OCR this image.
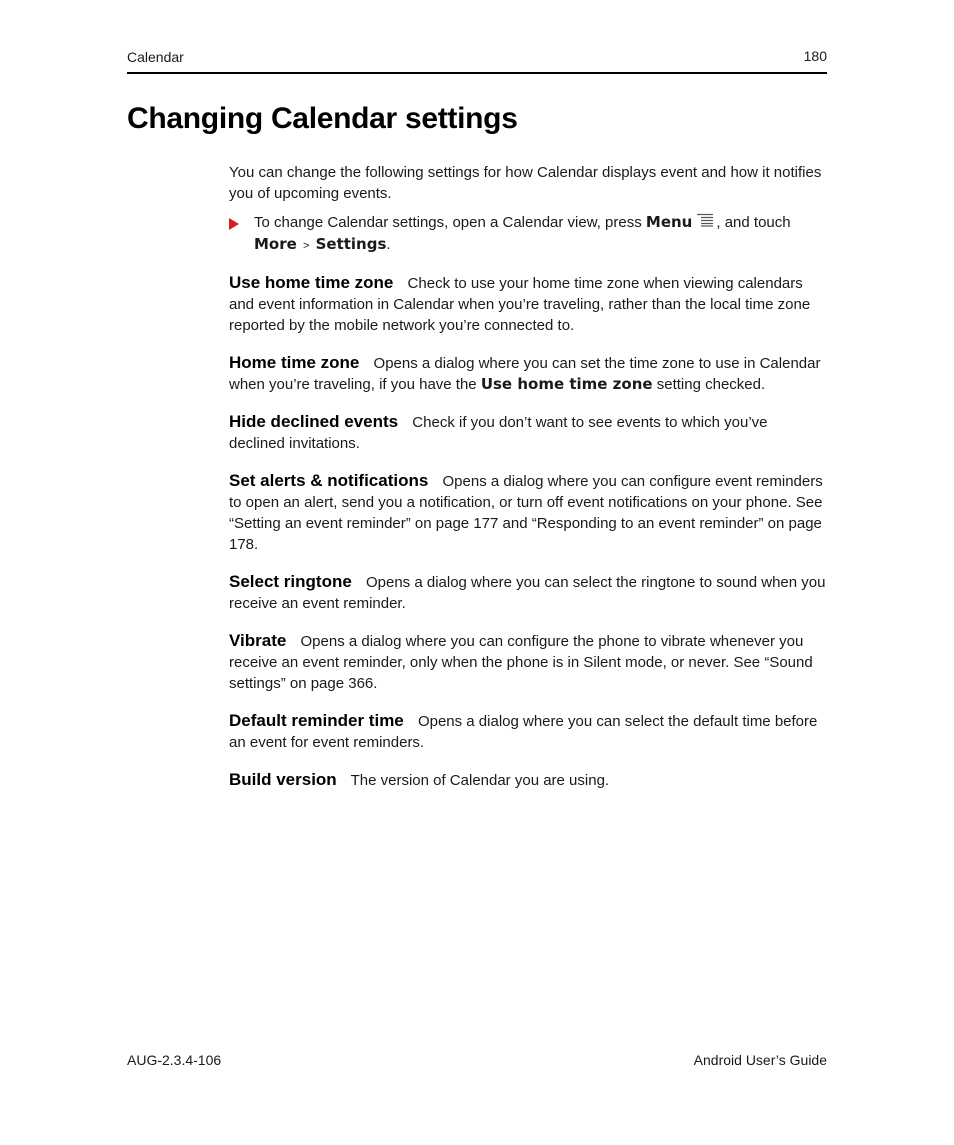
Calendar	180
Changing Calendar settings

You can change the following settings for how Calendar displays event and how it notifies you of upcoming events.

To change Calendar settings, open a Calendar view, press Menu , and touch
More > Settings.

Use home time zone Check to use your home time zone when viewing calendars and event information in Calendar when you’re traveling, rather than the local time zone reported by the mobile network you’re connected to.

Home time zone Opens a dialog where you can set the time zone to use in Calendar when you’re traveling, if you have the Use home time zone setting checked.

Hide declined events Check if you don’t want to see events to which you’ve declined invitations.

Set alerts & notifications Opens a dialog where you can configure event reminders to open an alert, send you a notification, or turn off event notifications on your phone. See “Setting an event reminder” on page 177 and “Responding to an event reminder” on page 178.

Select ringtone Opens a dialog where you can select the ringtone to sound when you receive an event reminder.

Vibrate Opens a dialog where you can configure the phone to vibrate whenever you receive an event reminder, only when the phone is in Silent mode, or never. See “Sound settings” on page 366.

Default reminder time Opens a dialog where you can select the default time before an event for event reminders.

Build version The version of Calendar you are using.

AUG-2.3.4-106	Android User’s Guide
